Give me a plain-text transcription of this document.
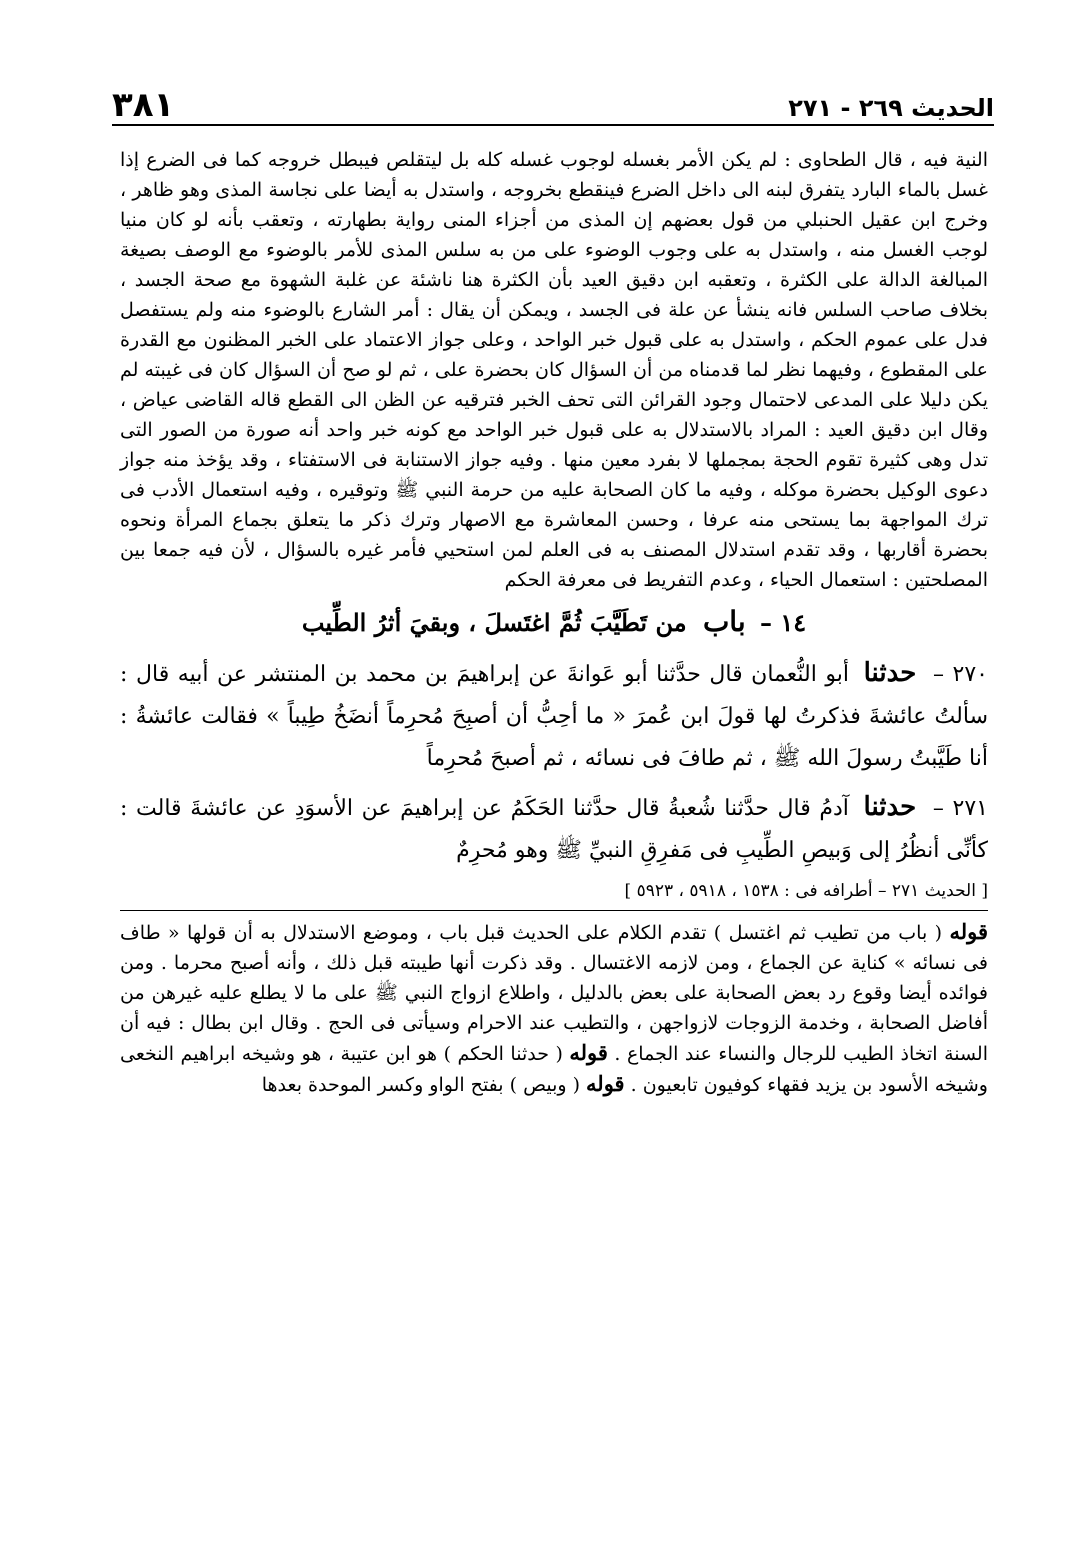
الحديث ٢٦٩ - ٢٧١
٣٨١

النية فيه ، قال الطحاوى : لم يكن الأمر بغسله لوجوب غسله كله بل ليتقلص فيبطل خروجه كما فى الضرع إذا غسل بالماء البارد يتفرق لبنه الى داخل الضرع فينقطع بخروجه ، واستدل به أيضا على نجاسة المذى وهو ظاهر ، وخرج ابن عقيل الحنبلي من قول بعضهم إن المذى من أجزاء المنى رواية بطهارته ، وتعقب بأنه لو كان منيا لوجب الغسل منه ، واستدل به على وجوب الوضوء على من به سلس المذى للأمر بالوضوء مع الوصف بصيغة المبالغة الدالة على الكثرة ، وتعقبه ابن دقيق العيد بأن الكثرة هنا ناشئة عن غلبة الشهوة مع صحة الجسد ، بخلاف صاحب السلس فانه ينشأ عن علة فى الجسد ، ويمكن أن يقال : أمر الشارع بالوضوء منه ولم يستفصل فدل على عموم الحكم ، واستدل به على قبول خبر الواحد ، وعلى جواز الاعتماد على الخبر المظنون مع القدرة على المقطوع ، وفيهما نظر لما قدمناه من أن السؤال كان بحضرة على ، ثم لو صح أن السؤال كان فى غيبته لم يكن دليلا على المدعى لاحتمال وجود القرائن التى تحف الخبر فترقيه عن الظن الى القطع قاله القاضى عياض ، وقال ابن دقيق العيد : المراد بالاستدلال به على قبول خبر الواحد مع كونه خبر واحد أنه صورة من الصور التى تدل وهى كثيرة تقوم الحجة بمجملها لا بفرد معين منها . وفيه جواز الاستنابة فى الاستفتاء ، وقد يؤخذ منه جواز دعوى الوكيل بحضرة موكله ، وفيه ما كان الصحابة عليه من حرمة النبي ﷺ وتوقيره ، وفيه استعمال الأدب فى ترك المواجهة بما يستحى منه عرفا ، وحسن المعاشرة مع الاصهار وترك ذكر ما يتعلق بجماع المرأة ونحوه بحضرة أقاربها ، وقد تقدم استدلال المصنف به فى العلم لمن استحيي فأمر غيره بالسؤال ، لأن فيه جمعا بين المصلحتين : استعمال الحياء ، وعدم التفريط فى معرفة الحكم

١٤ – باب من تَطَيَّبَ ثُمَّ اغتَسلَ ، وبقيَ أثرُ الطِّيب

٢٧٠ – حدثنا أبو النُّعمان قال حدَّثنا أبو عَوانةَ عن إبراهيمَ بن محمد بن المنتشر عن أبيه قال : سألتُ عائشةَ فذكرتُ لها قولَ ابن عُمرَ « ما أحِبُّ أن أصبِحَ مُحرِماً أنضَخُ طِيباً » فقالت عائشةُ : أنا طَيَّبتُ رسولَ الله ﷺ ، ثم طافَ فى نسائه ، ثم أصبحَ مُحرِماً

٢٧١ – حدثنا آدمُ قال حدَّثنا شُعبةُ قال حدَّثنا الحَكَمُ عن إبراهيمَ عن الأسوَدِ عن عائشةَ قالت : كأنِّى أنظُرُ إلى وَبيصِ الطِّيبِ فى مَفرِقِ النبيِّ ﷺ وهو مُحرِمٌ

[ الحديث ٢٧١ – أطرافه فى : ١٥٣٨ ، ٥٩١٨ ، ٥٩٢٣ ]

قوله ( باب من تطيب ثم اغتسل ) تقدم الكلام على الحديث قبل باب ، وموضع الاستدلال به أن قولها « طاف فى نسائه » كناية عن الجماع ، ومن لازمه الاغتسال . وقد ذكرت أنها طيبته قبل ذلك ، وأنه أصبح محرما . ومن فوائده أيضا وقوع رد بعض الصحابة على بعض بالدليل ، واطلاع ازواج النبي ﷺ على ما لا يطلع عليه غيرهن من أفاضل الصحابة ، وخدمة الزوجات لازواجهن ، والتطيب عند الاحرام وسيأتى فى الحج . وقال ابن بطال : فيه أن السنة اتخاذ الطيب للرجال والنساء عند الجماع . قوله ( حدثنا الحكم ) هو ابن عتيبة ، هو وشيخه ابراهيم النخعى وشيخه الأسود بن يزيد فقهاء كوفيون تابعيون . قوله ( وبيص ) بفتح الواو وكسر الموحدة بعدها
